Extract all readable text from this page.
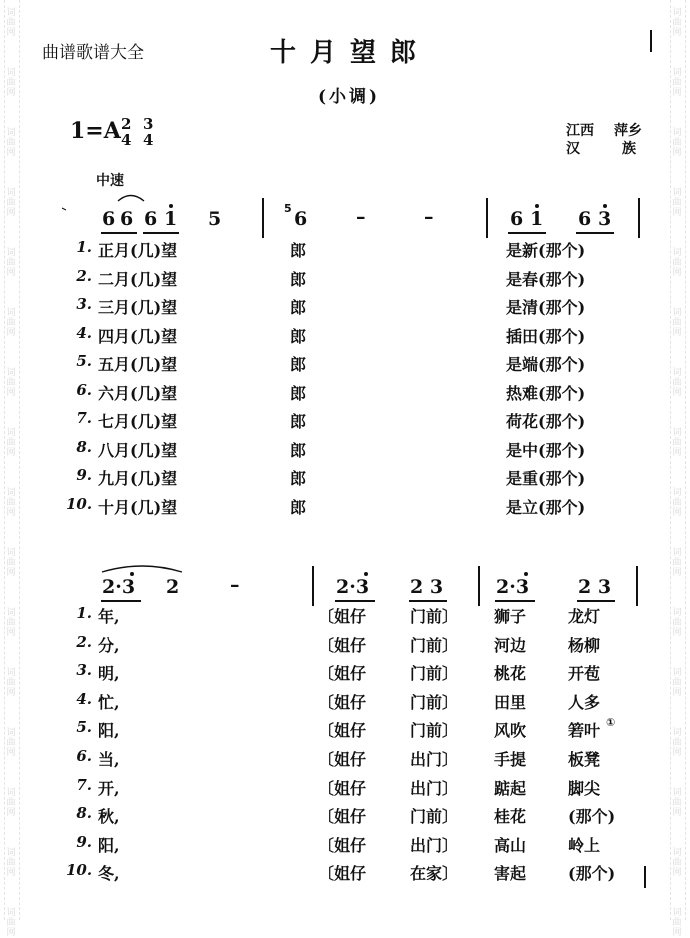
词曲网
词曲网
词曲网
词曲网
词曲网
词曲网
词曲网
词曲网
词曲网
词曲网
词曲网
词曲网
词曲网
词曲网
词曲网
词曲网
词曲网
词曲网
词曲网
词曲网
词曲网
词曲网
词曲网
词曲网
词曲网
词曲网
词曲网
词曲网
词曲网
词曲网
词曲网
词曲网
曲谱歌谱大全	十月望郎
(小调)
1=A 2
4
3
4	江西 萍乡
汉	族
中速
6 6 6 1 5	5 6	–	–	6 1 6 3
1. 正月(几)望	郎	是新(那个)
2. 二月(几)望	郎	是春(那个)
3. 三月(几)望	郎	是清(那个)
4. 四月(几)望	郎	插田(那个)
5. 五月(几)望	郎	是端(那个)
6. 六月(几)望	郎	热难(那个)
7. 七月(几)望	郎	荷花(那个)
8. 八月(几)望	郎	是中(那个)
9. 九月(几)望	郎	是重(那个)
10. 十月(几)望	郎	是立(那个)
2·3 2	–	2·3 2 3	2·3	2 3
1. 年,	〔姐仔	门前〕 狮子	龙灯
2. 分,	〔姐仔	门前〕 河边	杨柳
3. 明,	〔姐仔	门前〕 桃花	开苞
4. 忙,	〔姐仔	门前〕 田里	人多
5. 阳,	〔姐仔	门前〕 风吹	箬叶 ①
6. 当,	〔姐仔	出门〕 手提	板凳
7. 开,	〔姐仔	出门〕 踮起	脚尖
8. 秋,	〔姐仔	门前〕 桂花	(那个)
9. 阳,	〔姐仔	出门〕 高山	岭上
10. 冬,	〔姐仔	在家〕 害起	(那个)
